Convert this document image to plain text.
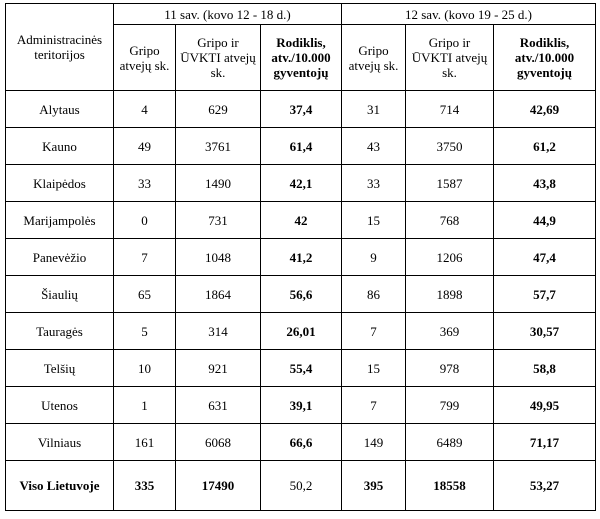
Administracinės teritorijos	11 sav. (kovo 12 - 18 d.)			12 sav. (kovo 19 - 25 d.)		
	Gripo atvejų sk.	Gripo ir ŪVKTI atvejų sk.	Rodiklis, atv./10.000 gyventojų	Gripo atvejų sk.	Gripo ir ŪVKTI atvejų sk.	Rodiklis, atv./10.000 gyventojų
Alytaus	4	629	37,4	31	714	42,69
Kauno	49	3761	61,4	43	3750	61,2
Klaipėdos	33	1490	42,1	33	1587	43,8
Marijampolės	0	731	42	15	768	44,9
Panevėžio	7	1048	41,2	9	1206	47,4
Šiaulių	65	1864	56,6	86	1898	57,7
Tauragės	5	314	26,01	7	369	30,57
Telšių	10	921	55,4	15	978	58,8
Utenos	1	631	39,1	7	799	49,95
Vilniaus	161	6068	66,6	149	6489	71,17
Viso Lietuvoje	335	17490	50,2	395	18558	53,27
